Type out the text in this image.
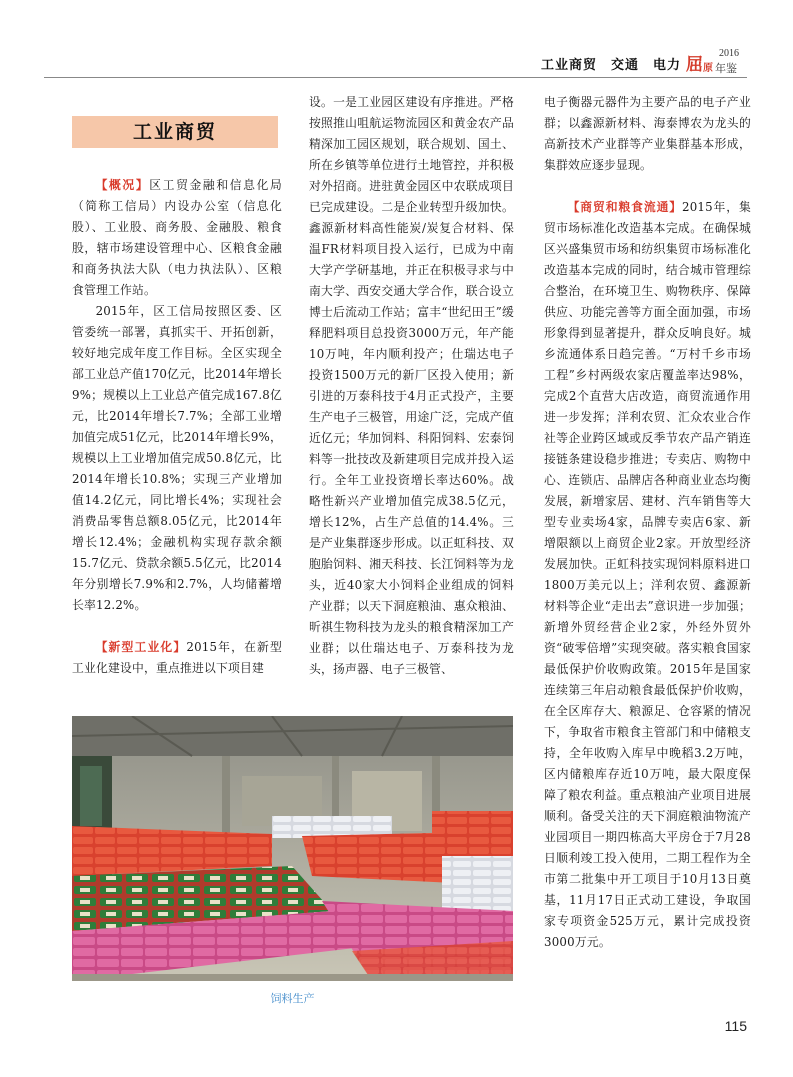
工业商贸　交通　电力 屈 原
2016
年鉴
工业商贸

【概况】区工贸金融和信息化局（简称工信局）内设办公室（信息化股）、工业股、商务股、金融股、粮食股，辖市场建设管理中心、区粮食金融和商务执法大队（电力执法队）、区粮食管理工作站。

2015年，区工信局按照区委、区管委统一部署，真抓实干、开拓创新，较好地完成年度工作目标。全区实现全部工业总产值170亿元，比2014年增长9%；规模以上工业总产值完成167.8亿元，比2014年增长7.7%；全部工业增加值完成51亿元，比2014年增长9%，规模以上工业增加值完成50.8亿元，比2014年增长10.8%；实现三产业增加值14.2亿元，同比增长4%；实现社会消费品零售总额8.05亿元，比2014年增长12.4%；金融机构实现存款余额15.7亿元、贷款余额5.5亿元，比2014年分别增长7.9%和2.7%，人均储蓄增长率12.2%。

【新型工业化】2015年，在新型工业化建设中，重点推进以下项目建

设。一是工业园区建设有序推进。严格按照推山咀航运物流园区和黄金农产品精深加工园区规划，联合规划、国土、所在乡镇等单位进行土地管控，并积极对外招商。进驻黄金园区中农联成项目已完成建设。二是企业转型升级加快。鑫源新材料高性能炭/炭复合材料、保温FR材料项目投入运行，已成为中南大学产学研基地，并正在积极寻求与中南大学、西安交通大学合作，联合设立博士后流动工作站；富丰“世纪田王”缓释肥料项目总投资3000万元，年产能10万吨，年内顺利投产；仕瑞达电子投资1500万元的新厂区投入使用；新引进的万泰科技于4月正式投产，主要生产电子三极管，用途广泛，完成产值近亿元；华加饲料、科阳饲料、宏泰饲料等一批技改及新建项目完成并投入运行。全年工业投资增长率达60%。战略性新兴产业增加值完成38.5亿元，增长12%，占生产总值的14.4%。三是产业集群逐步形成。以正虹科技、双胞胎饲料、湘天科技、长江饲料等为龙头，近40家大小饲料企业组成的饲料产业群；以天下洞庭粮油、惠众粮油、昕祺生物科技为龙头的粮食精深加工产业群；以仕瑞达电子、万泰科技为龙头，扬声器、电子三极管、

电子衡器元器件为主要产品的电子产业群；以鑫源新材料、海泰博农为龙头的高新技术产业群等产业集群基本形成，集群效应逐步显现。

【商贸和粮食流通】2015年，集贸市场标准化改造基本完成。在确保城区兴盛集贸市场和纺织集贸市场标准化改造基本完成的同时，结合城市管理综合整治，在环境卫生、购物秩序、保障供应、功能完善等方面全面加强，市场形象得到显著提升，群众反响良好。城乡流通体系日趋完善。“万村千乡市场工程”乡村两级农家店覆盖率达98%，完成2个直营大店改造，商贸流通作用进一步发挥；洋利农贸、汇众农业合作社等企业跨区域或反季节农产品产销连接链条建设稳步推进；专卖店、购物中心、连锁店、品牌店各种商业业态均衡发展，新增家居、建材、汽车销售等大型专业卖场4家，品牌专卖店6家、新增限额以上商贸企业2家。开放型经济发展加快。正虹科技实现饲料原料进口1800万美元以上；洋利农贸、鑫源新材料等企业“走出去”意识进一步加强；新增外贸经营企业2家，外经外贸外资“破零倍增”实现突破。落实粮食国家最低保护价收购政策。2015年是国家连续第三年启动粮食最低保护价收购，在全区库存大、粮源足、仓容紧的情况下，争取省市粮食主管部门和中储粮支持，全年收购入库早中晚稻3.2万吨，区内储粮库存近10万吨，最大限度保障了粮农利益。重点粮油产业项目进展顺利。备受关注的天下洞庭粮油物流产业园项目一期四栋高大平房仓于7月28日顺利竣工投入使用，二期工程作为全市第二批集中开工项目于10月13日奠基，11月17日正式动工建设，争取国家专项资金525万元，累计完成投资3000万元。

饲料生产
115
